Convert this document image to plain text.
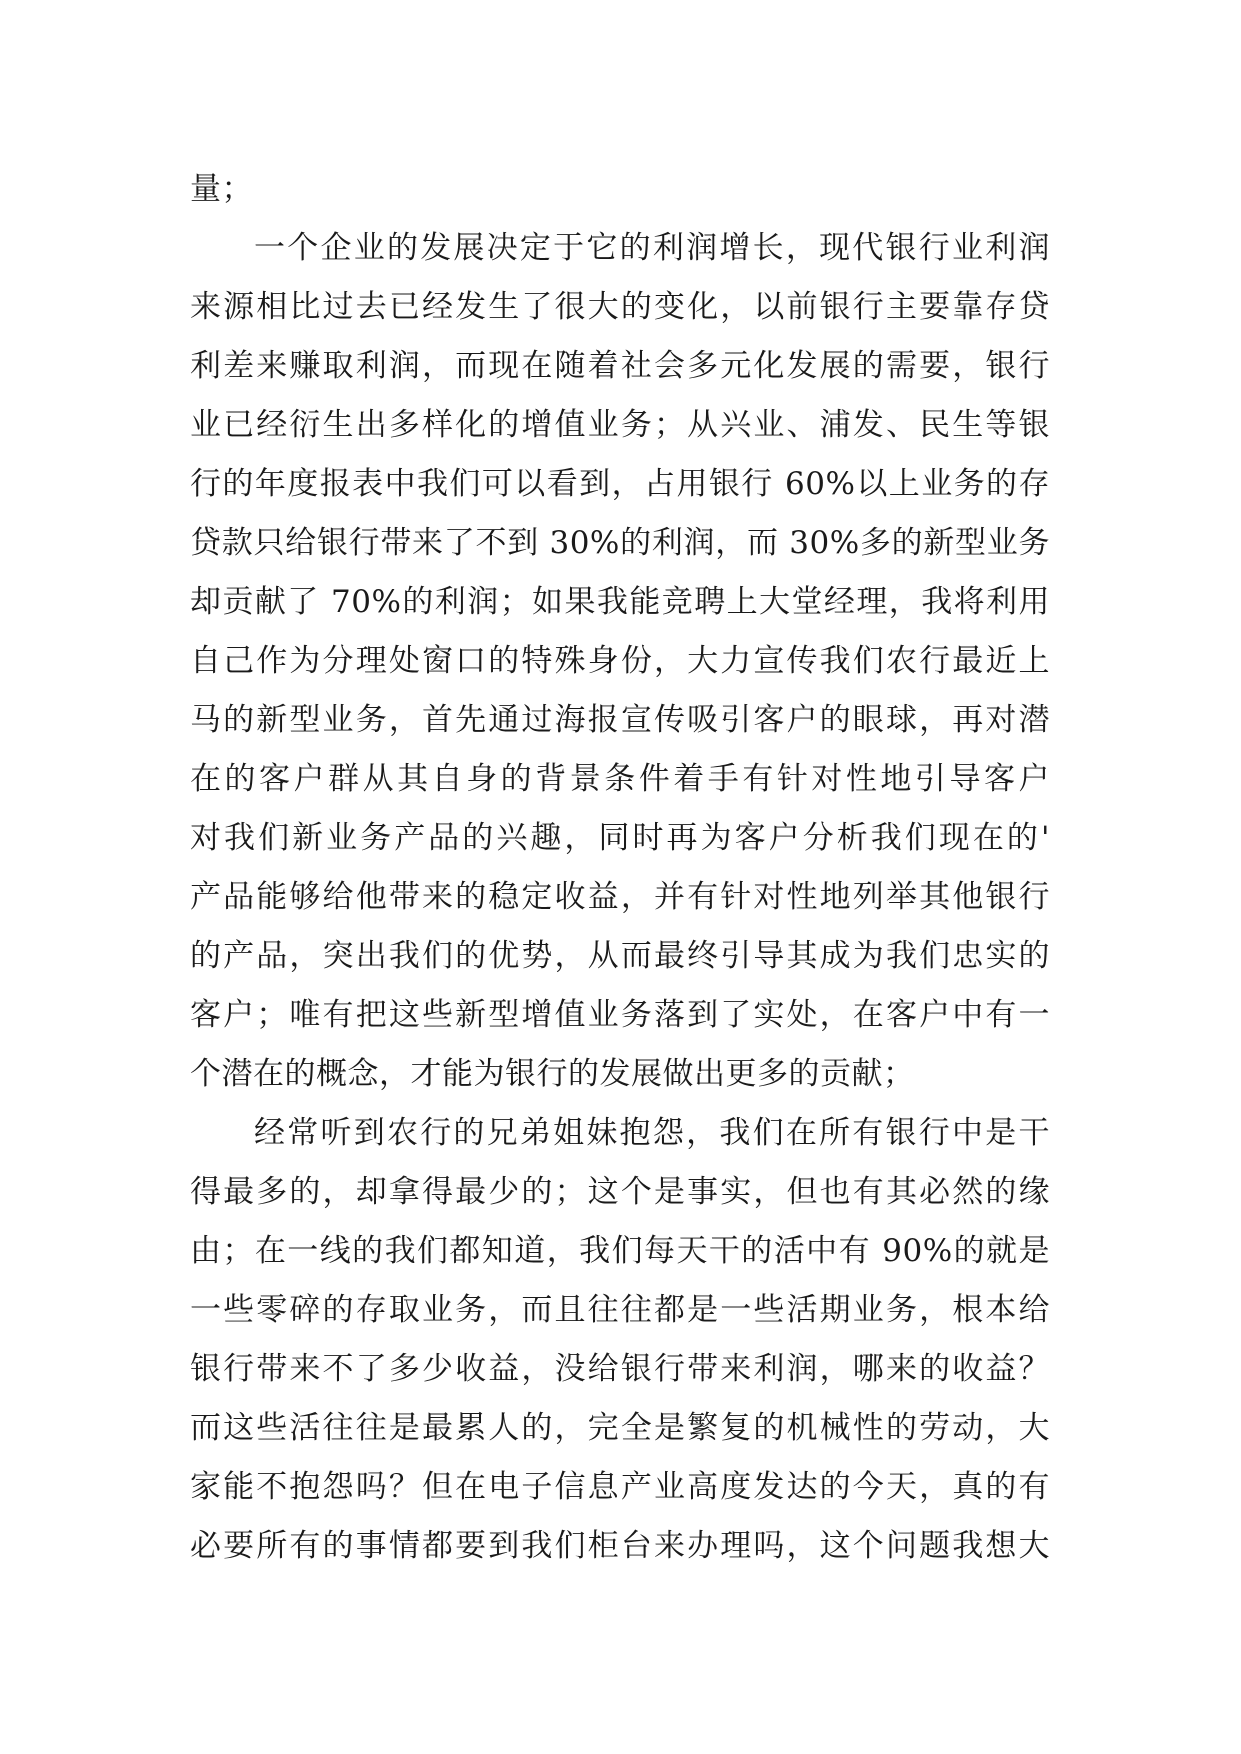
量；
一个企业的发展决定于它的利润增长，现代银行业利润
来源相比过去已经发生了很大的变化，以前银行主要靠存贷
利差来赚取利润，而现在随着社会多元化发展的需要，银行
业已经衍生出多样化的增值业务；从兴业、浦发、民生等银
行的年度报表中我们可以看到，占用银行 60%以上业务的存
贷款只给银行带来了不到 30%的利润，而 30%多的新型业务
却贡献了 70%的利润；如果我能竞聘上大堂经理，我将利用
自己作为分理处窗口的特殊身份，大力宣传我们农行最近上
马的新型业务，首先通过海报宣传吸引客户的眼球，再对潜
在的客户群从其自身的背景条件着手有针对性地引导客户
对我们新业务产品的兴趣，同时再为客户分析我们现在的'
产品能够给他带来的稳定收益，并有针对性地列举其他银行
的产品，突出我们的优势，从而最终引导其成为我们忠实的
客户；唯有把这些新型增值业务落到了实处，在客户中有一
个潜在的概念，才能为银行的发展做出更多的贡献；
经常听到农行的兄弟姐妹抱怨，我们在所有银行中是干
得最多的，却拿得最少的；这个是事实，但也有其必然的缘
由；在一线的我们都知道，我们每天干的活中有 90%的就是
一些零碎的存取业务，而且往往都是一些活期业务，根本给
银行带来不了多少收益，没给银行带来利润，哪来的收益？
而这些活往往是最累人的，完全是繁复的机械性的劳动，大
家能不抱怨吗？但在电子信息产业高度发达的今天，真的有
必要所有的事情都要到我们柜台来办理吗，这个问题我想大
